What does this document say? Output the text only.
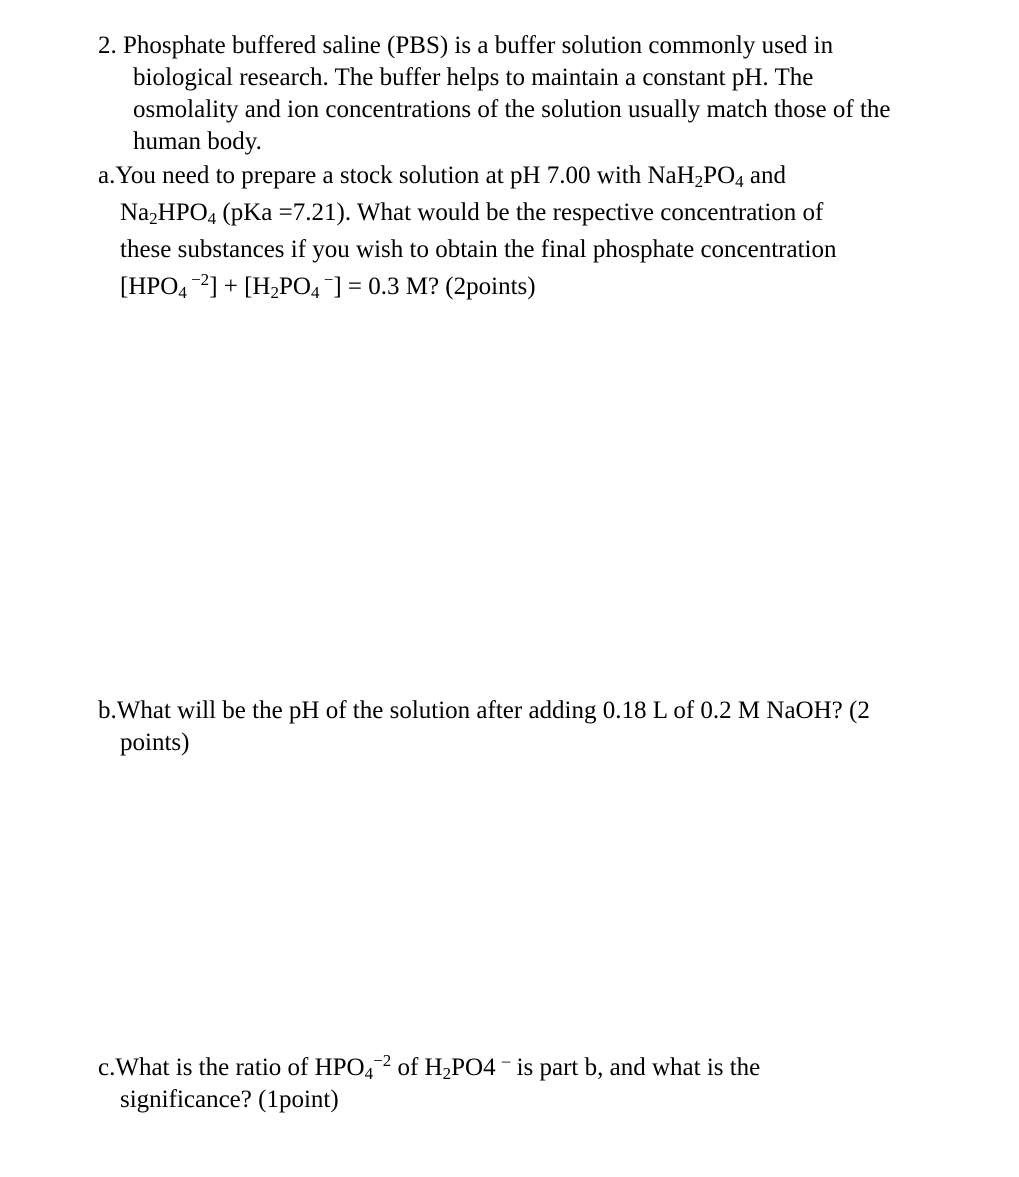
2. Phosphate buffered saline (PBS) is a buffer solution commonly used in
biological research. The buffer helps to maintain a constant pH. The
osmolality and ion concentrations of the solution usually match those of the
human body.
a.You need to prepare a stock solution at pH 7.00 with $NaH_2PO_4$ and
$Na_2HPO_4$ (pKa =7.21). What would be the respective concentration of
these substances if you wish to obtain the final phosphate concentration
[$HPO_4$ $^{-2}] + [H_2PO_4$ −] = 0.3 M? (2points)
b.What will be the pH of the solution after adding 0.18 L of 0.2 M NaOH? (2
points)
c.What is the ratio of $HPO_4^{-2}$ of $H_2PO4$ – is part b, and what is the
significance? (1point)
